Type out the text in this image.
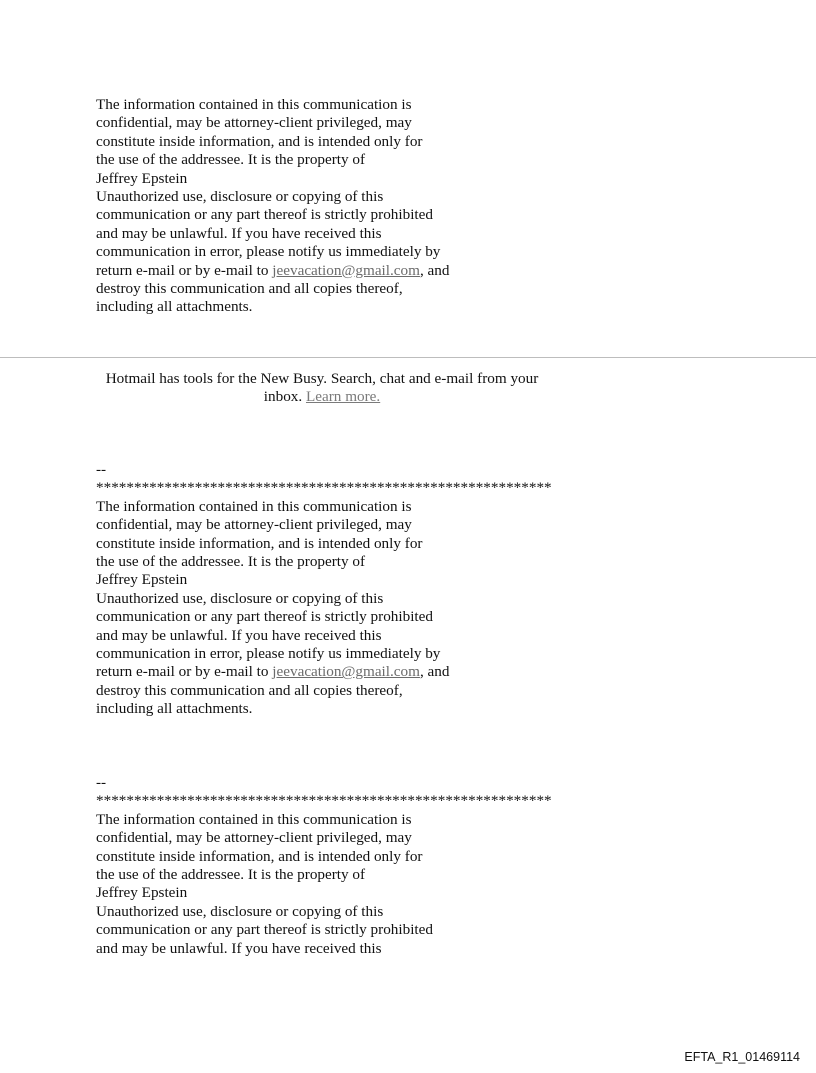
The information contained in this communication is
confidential, may be attorney-client privileged, may
constitute inside information, and is intended only for
the use of the addressee. It is the property of
Jeffrey Epstein
Unauthorized use, disclosure or copying of this
communication or any part thereof is strictly prohibited
and may be unlawful. If you have received this
communication in error, please notify us immediately by
return e-mail or by e-mail to jeevacation@gmail.com, and
destroy this communication and all copies thereof,
including all attachments.
Hotmail has tools for the New Busy. Search, chat and e-mail from your inbox. Learn more.
--
************************************************************
The information contained in this communication is
confidential, may be attorney-client privileged, may
constitute inside information, and is intended only for
the use of the addressee. It is the property of
Jeffrey Epstein
Unauthorized use, disclosure or copying of this
communication or any part thereof is strictly prohibited
and may be unlawful. If you have received this
communication in error, please notify us immediately by
return e-mail or by e-mail to jeevacation@gmail.com, and
destroy this communication and all copies thereof,
including all attachments.
--
************************************************************
The information contained in this communication is
confidential, may be attorney-client privileged, may
constitute inside information, and is intended only for
the use of the addressee. It is the property of
Jeffrey Epstein
Unauthorized use, disclosure or copying of this
communication or any part thereof is strictly prohibited
and may be unlawful. If you have received this
EFTA_R1_01469114
